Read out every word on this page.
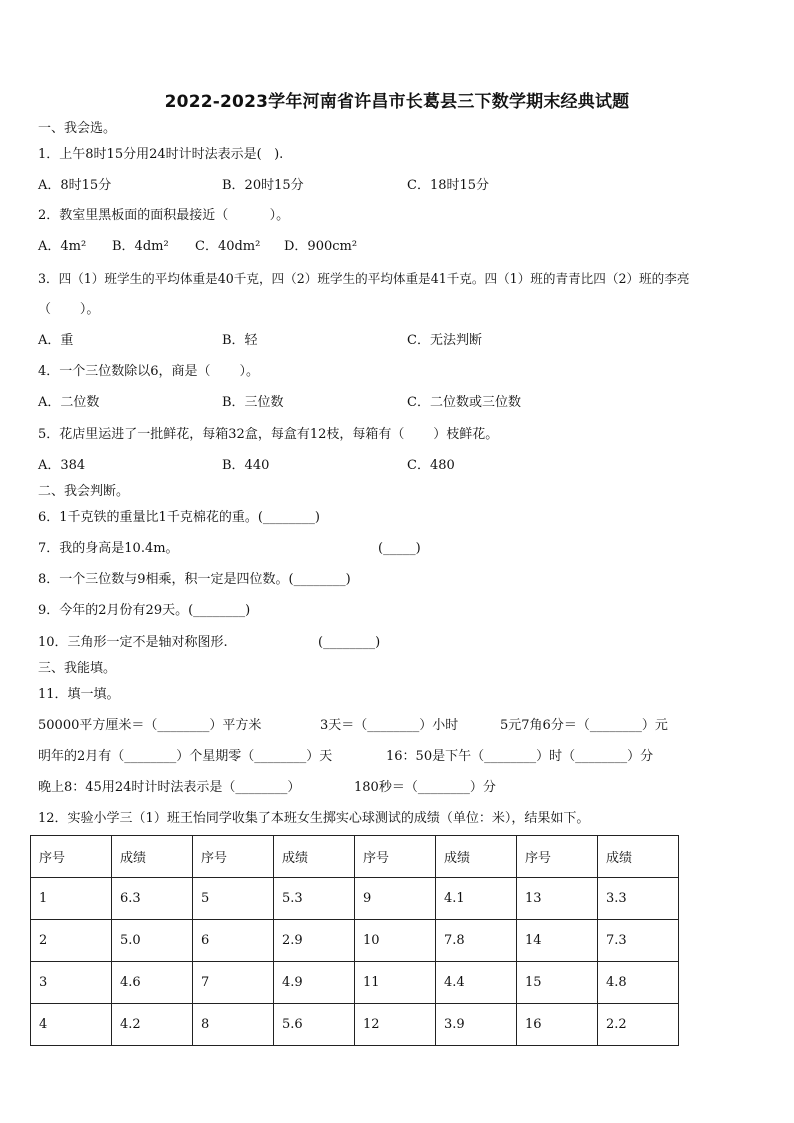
2022-2023学年河南省许昌市长葛县三下数学期末经典试题
一、我会选。
1．上午8时15分用24时计时法表示是(   ).
A．8时15分	B．20时15分	C．18时15分
2．教室里黑板面的面积最接近（          ）。
A．4m² B．4dm² C．40dm² D．900cm²
3．四（1）班学生的平均体重是40千克，四（2）班学生的平均体重是41千克。四（1）班的青青比四（2）班的李亮
（       ）。
A．重	B．轻	C．无法判断
4．一个三位数除以6，商是（       ）。
A．二位数	B．三位数	C．二位数或三位数
5．花店里运进了一批鲜花，每箱32盒，每盒有12枝，每箱有（       ）枝鲜花。
A．384	B．440	C．480
二、我会判断。
6．1千克铁的重量比1千克棉花的重。(________)
7．我的身高是10.4m。	(_____)
8．一个三位数与9相乘，积一定是四位数。(________)
9．今年的2月份有29天。(________)
10．三角形一定不是轴对称图形.	(________)
三、我能填。
11．填一填。
50000平方厘米＝（________）平方米	3天＝（________）小时	5元7角6分＝（________）元
明年的2月有（________）个星期零（________）天	16：50是下午（________）时（________）分
晚上8：45用24时计时法表示是（________）	180秒＝（________）分
12．实验小学三（1）班王怡同学收集了本班女生掷实心球测试的成绩（单位：米），结果如下。
序号	成绩	序号	成绩	序号	成绩	序号	成绩
1	6.3	5	5.3	9	4.1	13	3.3
2	5.0	6	2.9	10	7.8	14	7.3
3	4.6	7	4.9	11	4.4	15	4.8
4	4.2	8	5.6	12	3.9	16	2.2
